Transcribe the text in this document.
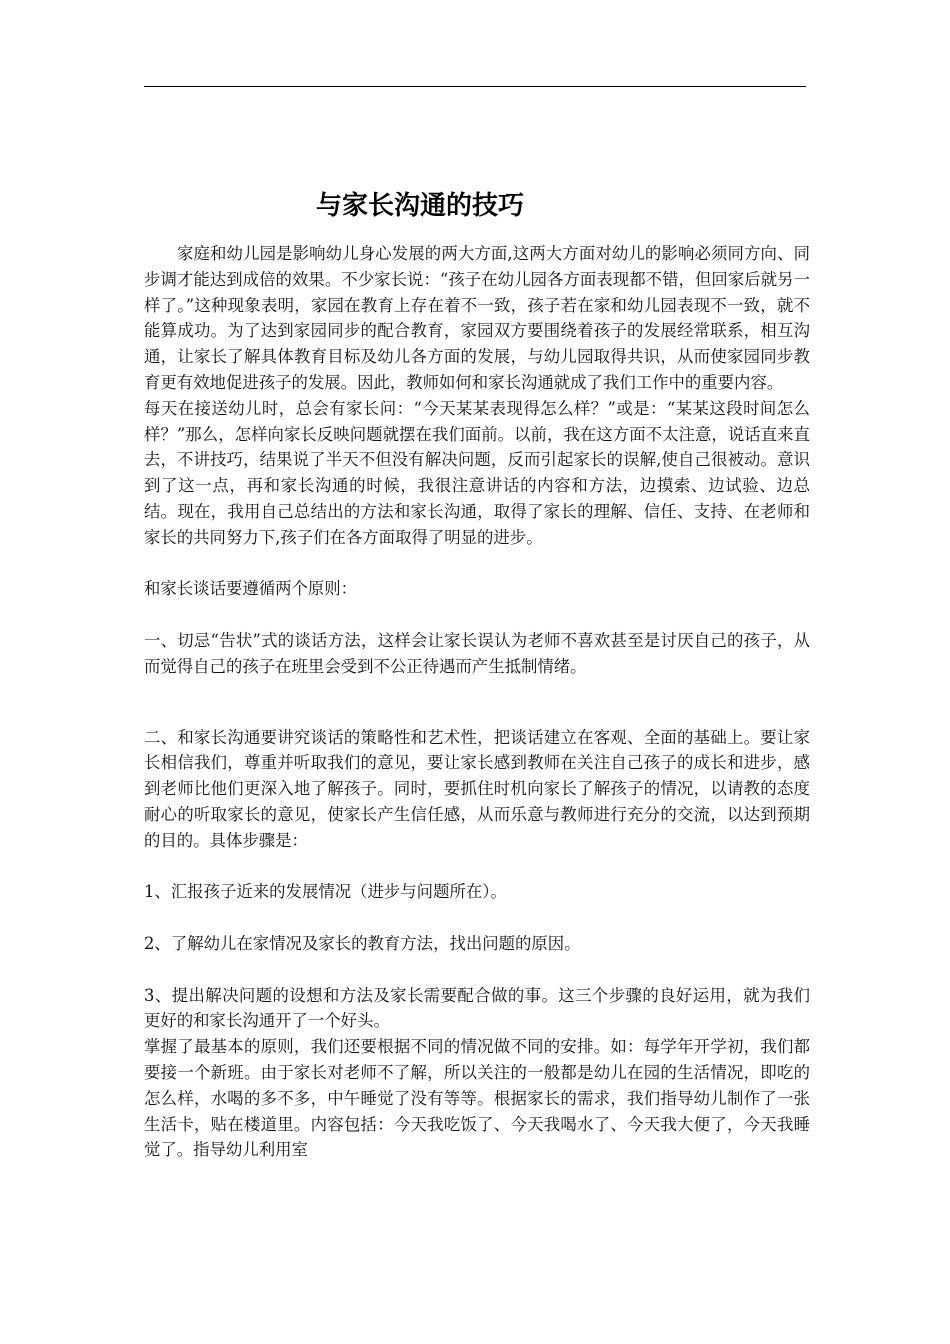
与家长沟通的技巧

家庭和幼儿园是影响幼儿身心发展的两大方面,这两大方面对幼儿的影响必须同方向、同步调才能达到成倍的效果。不少家长说：“孩子在幼儿园各方面表现都不错，但回家后就另一样了。”这种现象表明，家园在教育上存在着不一致，孩子若在家和幼儿园表现不一致，就不能算成功。为了达到家园同步的配合教育，家园双方要围绕着孩子的发展经常联系，相互沟通，让家长了解具体教育目标及幼儿各方面的发展，与幼儿园取得共识，从而使家园同步教育更有效地促进孩子的发展。因此，教师如何和家长沟通就成了我们工作中的重要内容。

每天在接送幼儿时，总会有家长问：“今天某某表现得怎么样？”或是：“某某这段时间怎么样？”那么，怎样向家长反映问题就摆在我们面前。以前，我在这方面不太注意，说话直来直去，不讲技巧，结果说了半天不但没有解决问题，反而引起家长的误解,使自己很被动。意识到了这一点，再和家长沟通的时候，我很注意讲话的内容和方法，边摸索、边试验、边总结。现在，我用自己总结出的方法和家长沟通，取得了家长的理解、信任、支持、在老师和家长的共同努力下,孩子们在各方面取得了明显的进步。

和家长谈话要遵循两个原则：

一、切忌“告状”式的谈话方法，这样会让家长误认为老师不喜欢甚至是讨厌自己的孩子，从而觉得自己的孩子在班里会受到不公正待遇而产生抵制情绪。

二、和家长沟通要讲究谈话的策略性和艺术性，把谈话建立在客观、全面的基础上。要让家长相信我们，尊重并听取我们的意见，要让家长感到教师在关注自己孩子的成长和进步，感到老师比他们更深入地了解孩子。同时，要抓住时机向家长了解孩子的情况，以请教的态度耐心的听取家长的意见，使家长产生信任感，从而乐意与教师进行充分的交流，以达到预期的目的。具体步骤是：

1、汇报孩子近来的发展情况（进步与问题所在）。

2、了解幼儿在家情况及家长的教育方法，找出问题的原因。

3、提出解决问题的设想和方法及家长需要配合做的事。这三个步骤的良好运用，就为我们更好的和家长沟通开了一个好头。

掌握了最基本的原则，我们还要根据不同的情况做不同的安排。如：每学年开学初，我们都要接一个新班。由于家长对老师不了解，所以关注的一般都是幼儿在园的生活情况，即吃的怎么样，水喝的多不多，中午睡觉了没有等等。根据家长的需求，我们指导幼儿制作了一张生活卡，贴在楼道里。内容包括：今天我吃饭了、今天我喝水了、今天我大便了，今天我睡觉了。指导幼儿利用室
